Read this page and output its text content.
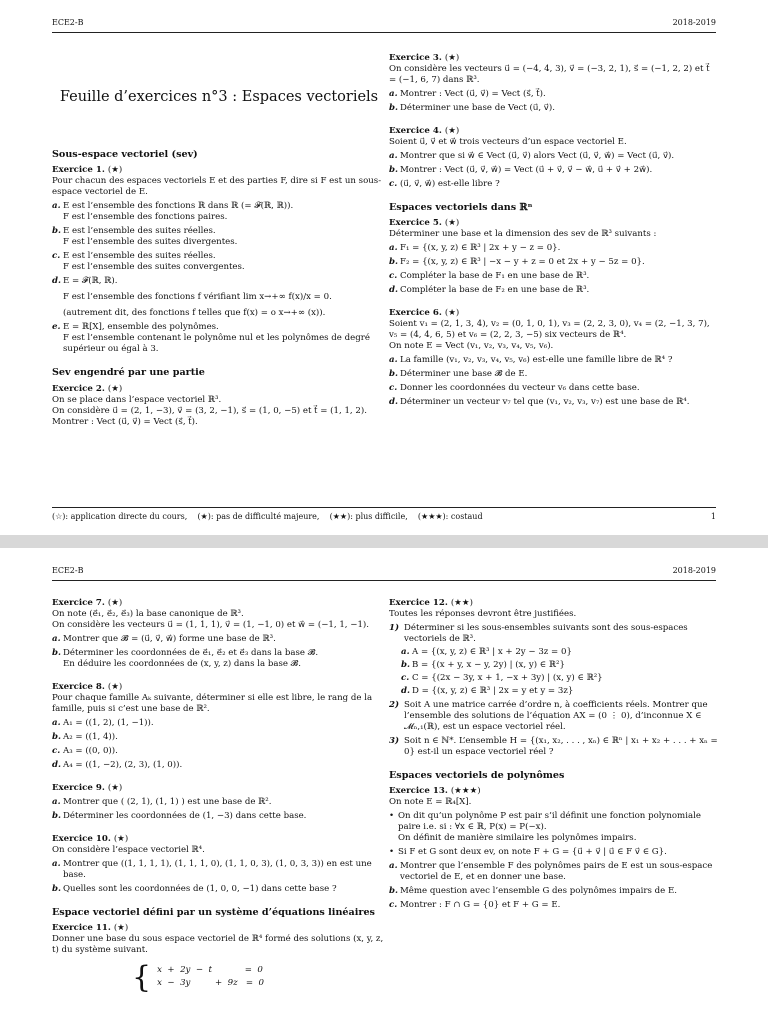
ECE2-B	2018-2019
Feuille d’exercices n°3 : Espaces vectoriels

Sous-espace vectoriel (sev)

Exercice 1. (★)

Pour chacun des espaces vectoriels E et des parties F, dire si F est un sous-espace vectoriel de E.

a. E est l’ensemble des fonctions ℝ dans ℝ (= 𝓕(ℝ, ℝ)).

F est l’ensemble des fonctions paires.

b. E est l’ensemble des suites réelles.

F est l’ensemble des suites divergentes.

c. E est l’ensemble des suites réelles.

F est l’ensemble des suites convergentes.

d. E = 𝓕(ℝ, ℝ).

F est l’ensemble des fonctions f vérifiant lim x→+∞ f(x)/x = 0.

(autrement dit, des fonctions f telles que f(x) = o x→+∞ (x)).

e. E = ℝ[X], ensemble des polynômes.

F est l’ensemble contenant le polynôme nul et les polynômes de degré supérieur ou égal à 3.

Sev engendré par une partie

Exercice 2. (★)

On se place dans l’espace vectoriel ℝ³.

On considère u⃗ = (2, 1, −3), v⃗ = (3, 2, −1), s⃗ = (1, 0, −5) et t⃗ = (1, 1, 2).

Montrer : Vect (u⃗, v⃗) = Vect (s⃗, t⃗).

Exercice 3. (★)

On considère les vecteurs u⃗ = (−4, 4, 3), v⃗ = (−3, 2, 1), s⃗ = (−1, 2, 2) et t⃗ = (−1, 6, 7) dans ℝ³.

a. Montrer : Vect (u⃗, v⃗) = Vect (s⃗, t⃗).
b. Déterminer une base de Vect (u⃗, v⃗).

Exercice 4. (★)

Soient u⃗, v⃗ et w⃗ trois vecteurs d’un espace vectoriel E.

a. Montrer que si w⃗ ∈ Vect (u⃗, v⃗) alors Vect (u⃗, v⃗, w⃗) = Vect (u⃗, v⃗).
b. Montrer : Vect (u⃗, v⃗, w⃗) = Vect (u⃗ + v⃗, v⃗ − w⃗, u⃗ + v⃗ + 2w⃗).
c. (u⃗, v⃗, w⃗) est-elle libre ?

Espaces vectoriels dans ℝⁿ

Exercice 5. (★)

Déterminer une base et la dimension des sev de ℝ³ suivants :

a. F₁ = {(x, y, z) ∈ ℝ³ | 2x + y − z = 0}.
b. F₂ = {(x, y, z) ∈ ℝ³ | −x − y + z = 0 et 2x + y − 5z = 0}.
c. Compléter la base de F₁ en une base de ℝ³.
d. Compléter la base de F₂ en une base de ℝ³.

Exercice 6. (★)

Soient v₁ = (2, 1, 3, 4), v₂ = (0, 1, 0, 1), v₃ = (2, 2, 3, 0), v₄ = (2, −1, 3, 7), v₅ = (4, 4, 6, 5) et v₆ = (2, 2, 3, −5) six vecteurs de ℝ⁴.

On note E = Vect (v₁, v₂, v₃, v₄, v₅, v₆).

a. La famille (v₁, v₂, v₃, v₄, v₅, v₆) est-elle une famille libre de ℝ⁴ ?
b. Déterminer une base 𝓑 de E.
c. Donner les coordonnées du vecteur v₆ dans cette base.
d. Déterminer un vecteur v₇ tel que (v₁, v₂, v₃, v₇) est une base de ℝ⁴.
(☆): application directe du cours,    (★): pas de difficulté majeure,    (★★): plus difficile,    (★★★): costaud	1
ECE2-B	2018-2019

Exercice 7. (★)

On note (e⃗₁, e⃗₂, e⃗₃) la base canonique de ℝ³.

On considère les vecteurs u⃗ = (1, 1, 1), v⃗ = (1, −1, 0) et w⃗ = (−1, 1, −1).

a. Montrer que 𝓑 = (u⃗, v⃗, w⃗) forme une base de ℝ³.

b. Déterminer les coordonnées de e⃗₁, e⃗₂ et e⃗₃ dans la base 𝓑.

En déduire les coordonnées de (x, y, z) dans la base 𝓑.

Exercice 8. (★)

Pour chaque famille Aₖ suivante, déterminer si elle est libre, le rang de la famille, puis si c’est une base de ℝ².

a. A₁ = ((1, 2), (1, −1)).
b. A₂ = ((1, 4)).
c. A₃ = ((0, 0)).
d. A₄ = ((1, −2), (2, 3), (1, 0)).

Exercice 9. (★)

a. Montrer que ( (2, 1), (1, 1) ) est une base de ℝ².
b. Déterminer les coordonnées de (1, −3) dans cette base.

Exercice 10. (★)

On considère l’espace vectoriel ℝ⁴.

a. Montrer que ((1, 1, 1, 1), (1, 1, 1, 0), (1, 1, 0, 3), (1, 0, 3, 3)) en est une base.
b. Quelles sont les coordonnées de (1, 0, 0, −1) dans cette base ?

Espace vectoriel défini par un système d’équations linéaires

Exercice 11. (★)

Donner une base du sous espace vectoriel de ℝ⁴ formé des solutions (x, y, z, t) du système suivant.

{ x  +  2y  −  t            =  0

x  −  3y         +  9z   =  0

Exercice 12. (★★)

Toutes les réponses devront être justifiées.

1) Déterminer si les sous-ensembles suivants sont des sous-espaces vectoriels de ℝ³.
a. A = {(x, y, z) ∈ ℝ³ | x + 2y − 3z = 0}
b. B = {(x + y, x − y, 2y) | (x, y) ∈ ℝ²}
c. C = {(2x − 3y, x + 1, −x + 3y) | (x, y) ∈ ℝ²}
d. D = {(x, y, z) ∈ ℝ³ | 2x = y et y = 3z}
2) Soit A une matrice carrée d’ordre n, à coefficients réels. Montrer que l’ensemble des solutions de l’équation AX = (0 ⋮ 0), d’inconnue X ∈ 𝓜ₙ,₁(ℝ), est un espace vectoriel réel.
3) Soit n ∈ ℕ*. L’ensemble H = {(x₁, x₂, . . . , xₙ) ∈ ℝⁿ | x₁ + x₂ + . . . + xₙ = 0} est-il un espace vectoriel réel ?

Espaces vectoriels de polynômes

Exercice 13. (★★★)

On note E = ℝ₄[X].

• On dit qu’un polynôme P est pair s’il définit une fonction polynomiale paire i.e. si : ∀x ∈ ℝ, P(x) = P(−x).

On définit de manière similaire les polynômes impairs.

• Si F et G sont deux ev, on note F + G = {u⃗ + v⃗ | u⃗ ∈ F v⃗ ∈ G}.

a. Montrer que l’ensemble F des polynômes pairs de E est un sous-espace vectoriel de E, et en donner une base.
b. Même question avec l’ensemble G des polynômes impairs de E.
c. Montrer : F ∩ G = {0} et F + G = E.
